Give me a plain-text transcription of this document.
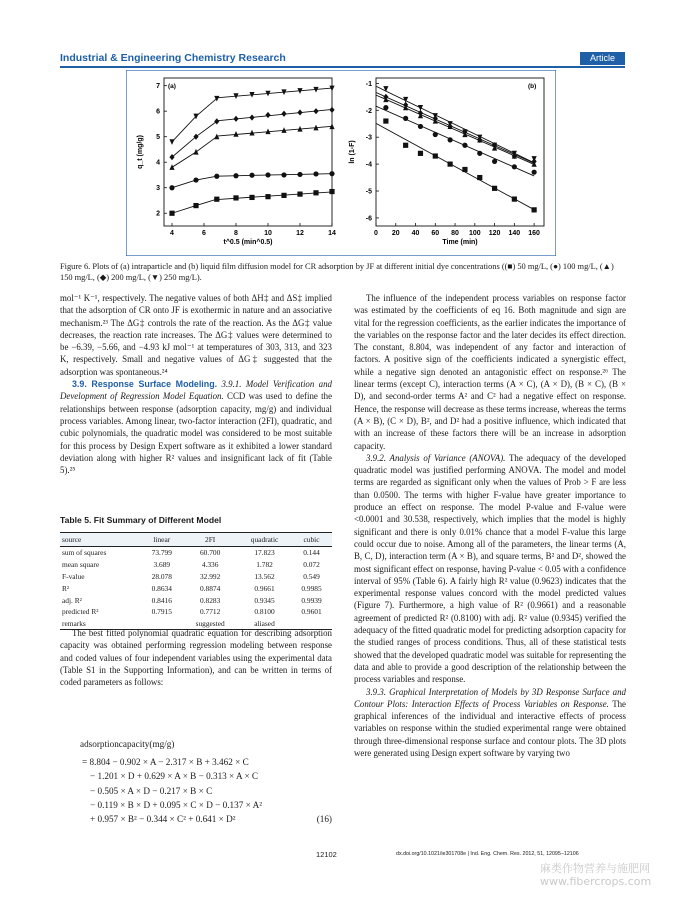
Industrial & Engineering Chemistry Research	Article
4	6	8	10	12	14
2
3
4
5
6
7 (a)
t^0.5 (min^0.5)
q_t (mg/g)
0 20 40 60 80 100 120 140 160
-1
-2
-3
-4
-5
-6
(b)
Time (min)
ln (1-F)
Figure 6. Plots of (a) intraparticle and (b) liquid film diffusion model for CR adsorption by JF at different initial dye concentrations ((■) 50 mg/L, (●) 100 mg/L, (▲) 150 mg/L, (◆) 200 mg/L, (▼) 250 mg/L).

mol⁻¹ K⁻¹, respectively. The negative values of both ΔH‡ and ΔS‡ implied that the adsorption of CR onto JF is exothermic in nature and an associative mechanism.²³ The ΔG‡ controls the rate of the reaction. As the ΔG‡ value decreases, the reaction rate increases. The ΔG‡ values were determined to be −6.39, −5.66, and −4.93 kJ mol⁻¹ at temperatures of 303, 313, and 323 K, respectively. Small and negative values of ΔG‡ suggested that the adsorption was spontaneous.²⁴

3.9. Response Surface Modeling. 3.9.1. Model Verification and Development of Regression Model Equation. CCD was used to define the relationships between response (adsorption capacity, mg/g) and individual process variables. Among linear, two-factor interaction (2FI), quadratic, and cubic polynomials, the quadratic model was considered to be most suitable for this process by Design Expert software as it exhibited a lower standard deviation along with higher R² values and insignificant lack of fit (Table 5).²⁵

Table 5. Fit Summary of Different Model
source	linear	2FI	quadratic	cubic
sum of squares	73.799	60.700	17.823	0.144
mean square	3.689	4.336	1.782	0.072
F-value	28.078	32.992	13.562	0.549
R²	0.8634	0.8874	0.9661	0.9985
adj. R²	0.8416	0.8283	0.9345	0.9939
predicted R²	0.7915	0.7712	0.8100	0.9601
remarks		suggested	aliased	

The best fitted polynomial quadratic equation for describing adsorption capacity was obtained performing regression modeling between response and coded values of four independent variables using the experimental data (Table S1 in the Supporting Information), and can be written in terms of coded parameters as follows:

adsorptioncapacity(mg/g)
= 8.804 − 0.902 × A − 2.317 × B + 3.462 × C
− 1.201 × D + 0.629 × A × B − 0.313 × A × C
− 0.505 × A × D − 0.217 × B × C
− 0.119 × B × D + 0.095 × C × D − 0.137 × A²
+ 0.957 × B² − 0.344 × C² + 0.641 × D²	(16)

The influence of the independent process variables on response factor was estimated by the coefficients of eq 16. Both magnitude and sign are vital for the regression coefficients, as the earlier indicates the importance of the variables on the response factor and the later decides its effect direction. The constant, 8.804, was independent of any factor and interaction of factors. A positive sign of the coefficients indicated a synergistic effect, while a negative sign denoted an antagonistic effect on response.²⁶ The linear terms (except C), interaction terms (A × C), (A × D), (B × C), (B × D), and second-order terms A² and C² had a negative effect on response. Hence, the response will decrease as these terms increase, whereas the terms (A × B), (C × D), B², and D² had a positive influence, which indicated that with an increase of these factors there will be an increase in adsorption capacity.

3.9.2. Analysis of Variance (ANOVA). The adequacy of the developed quadratic model was justified performing ANOVA. The model and model terms are regarded as significant only when the values of Prob > F are less than 0.0500. The terms with higher F-value have greater importance to produce an effect on response. The model P-value and F-value were <0.0001 and 30.538, respectively, which implies that the model is highly significant and there is only 0.01% chance that a model F-value this large could occur due to noise. Among all of the parameters, the linear terms (A, B, C, D), interaction term (A × B), and square terms, B² and D², showed the most significant effect on response, having P-value < 0.05 with a confidence interval of 95% (Table 6). A fairly high R² value (0.9623) indicates that the experimental response values concord with the model predicted values (Figure 7). Furthermore, a high value of R² (0.9661) and a reasonable agreement of predicted R² (0.8100) with adj. R² value (0.9345) verified the adequacy of the fitted quadratic model for predicting adsorption capacity for the studied ranges of process conditions. Thus, all of these statistical tests showed that the developed quadratic model was suitable for representing the data and able to provide a good description of the relationship between the process variables and response.

3.9.3. Graphical Interpretation of Models by 3D Response Surface and Contour Plots: Interaction Effects of Process Variables on Response. The graphical inferences of the individual and interactive effects of process variables on response within the studied experimental range were obtained through three-dimensional response surface and contour plots. The 3D plots were generated using Design expert software by varying two

12102	dx.doi.org/10.1021/ie301708e | Ind. Eng. Chem. Res. 2012, 51, 12095−12106
麻类作物营养与施肥网
www.fibercrops.com
